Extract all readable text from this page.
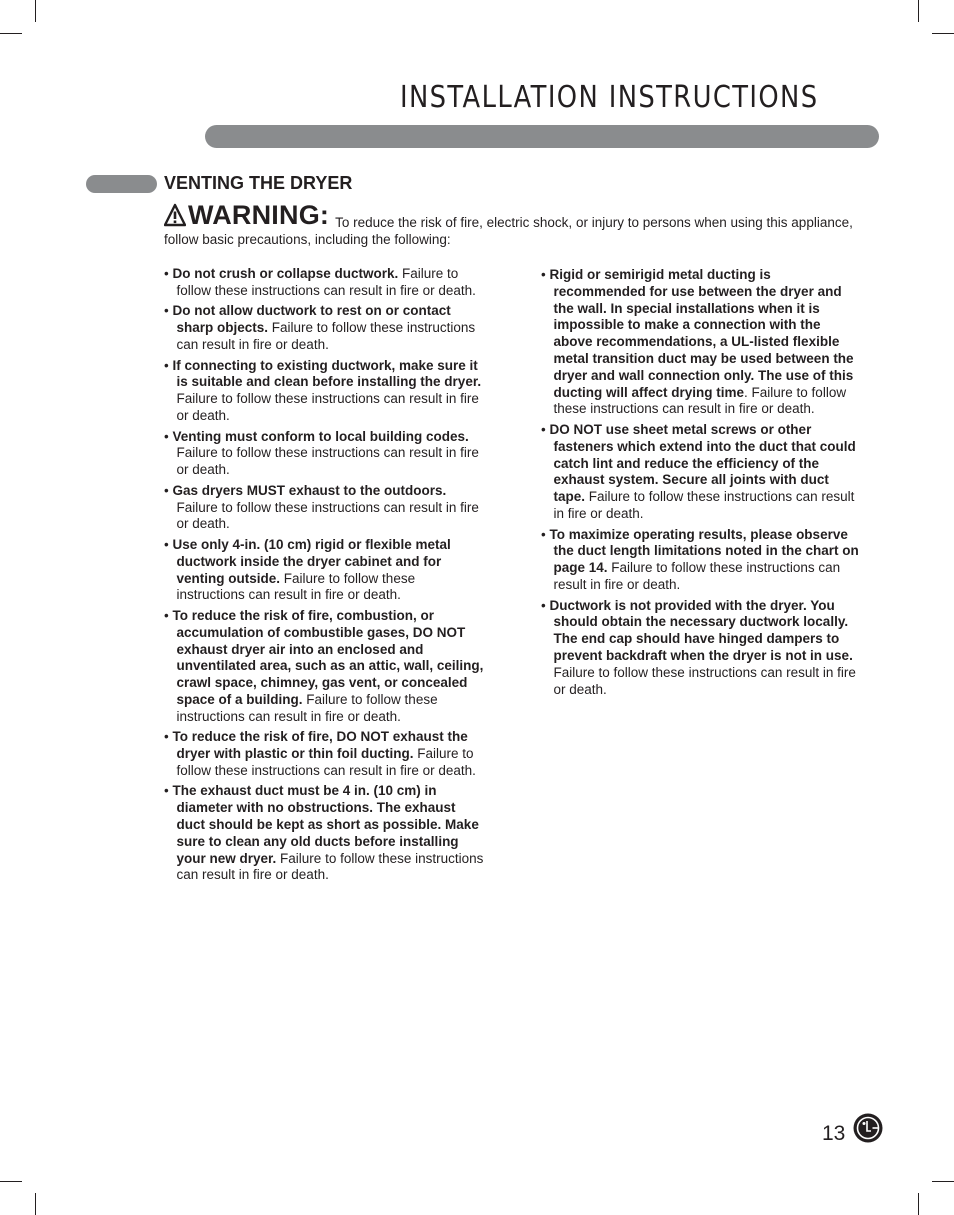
INSTALLATION INSTRUCTIONS
VENTING THE DRYER
WARNING: To reduce the risk of fire, electric shock, or injury to persons when using this appliance, follow basic precautions, including the following:
• Do not crush or collapse ductwork. Failure to follow these instructions can result in fire or death.
• Do not allow ductwork to rest on or contact sharp objects. Failure to follow these instructions can result in fire or death.
• If connecting to existing ductwork, make sure it is suitable and clean before installing the dryer. Failure to follow these instructions can result in fire or death.
• Venting must conform to local building codes. Failure to follow these instructions can result in fire or death.
• Gas dryers MUST exhaust to the outdoors. Failure to follow these instructions can result in fire or death.
• Use only 4-in. (10 cm) rigid or flexible metal ductwork inside the dryer cabinet and for venting outside. Failure to follow these instructions can result in fire or death.
• To reduce the risk of fire, combustion, or accumulation of combustible gases, DO NOT exhaust dryer air into an enclosed and unventilated area, such as an attic, wall, ceiling, crawl space, chimney, gas vent, or concealed space of a building. Failure to follow these instructions can result in fire or death.
• To reduce the risk of fire, DO NOT exhaust the dryer with plastic or thin foil ducting. Failure to follow these instructions can result in fire or death.
• The exhaust duct must be 4 in. (10 cm) in diameter with no obstructions. The exhaust duct should be kept as short as possible. Make sure to clean any old ducts before installing your new dryer. Failure to follow these instructions can result in fire or death.
• Rigid or semirigid metal ducting is recommended for use between the dryer and the wall. In special installations when it is impossible to make a connection with the above recommendations, a UL-listed flexible metal transition duct may be used between the dryer and wall connection only. The use of this ducting will affect drying time. Failure to follow these instructions can result in fire or death.
• DO NOT use sheet metal screws or other fasteners which extend into the duct that could catch lint and reduce the efficiency of the exhaust system. Secure all joints with duct tape. Failure to follow these instructions can result in fire or death.
• To maximize operating results, please observe the duct length limitations noted in the chart on page 14. Failure to follow these instructions can result in fire or death.
• Ductwork is not provided with the dryer. You should obtain the necessary ductwork locally. The end cap should have hinged dampers to prevent backdraft when the dryer is not in use. Failure to follow these instructions can result in fire or death.
13
